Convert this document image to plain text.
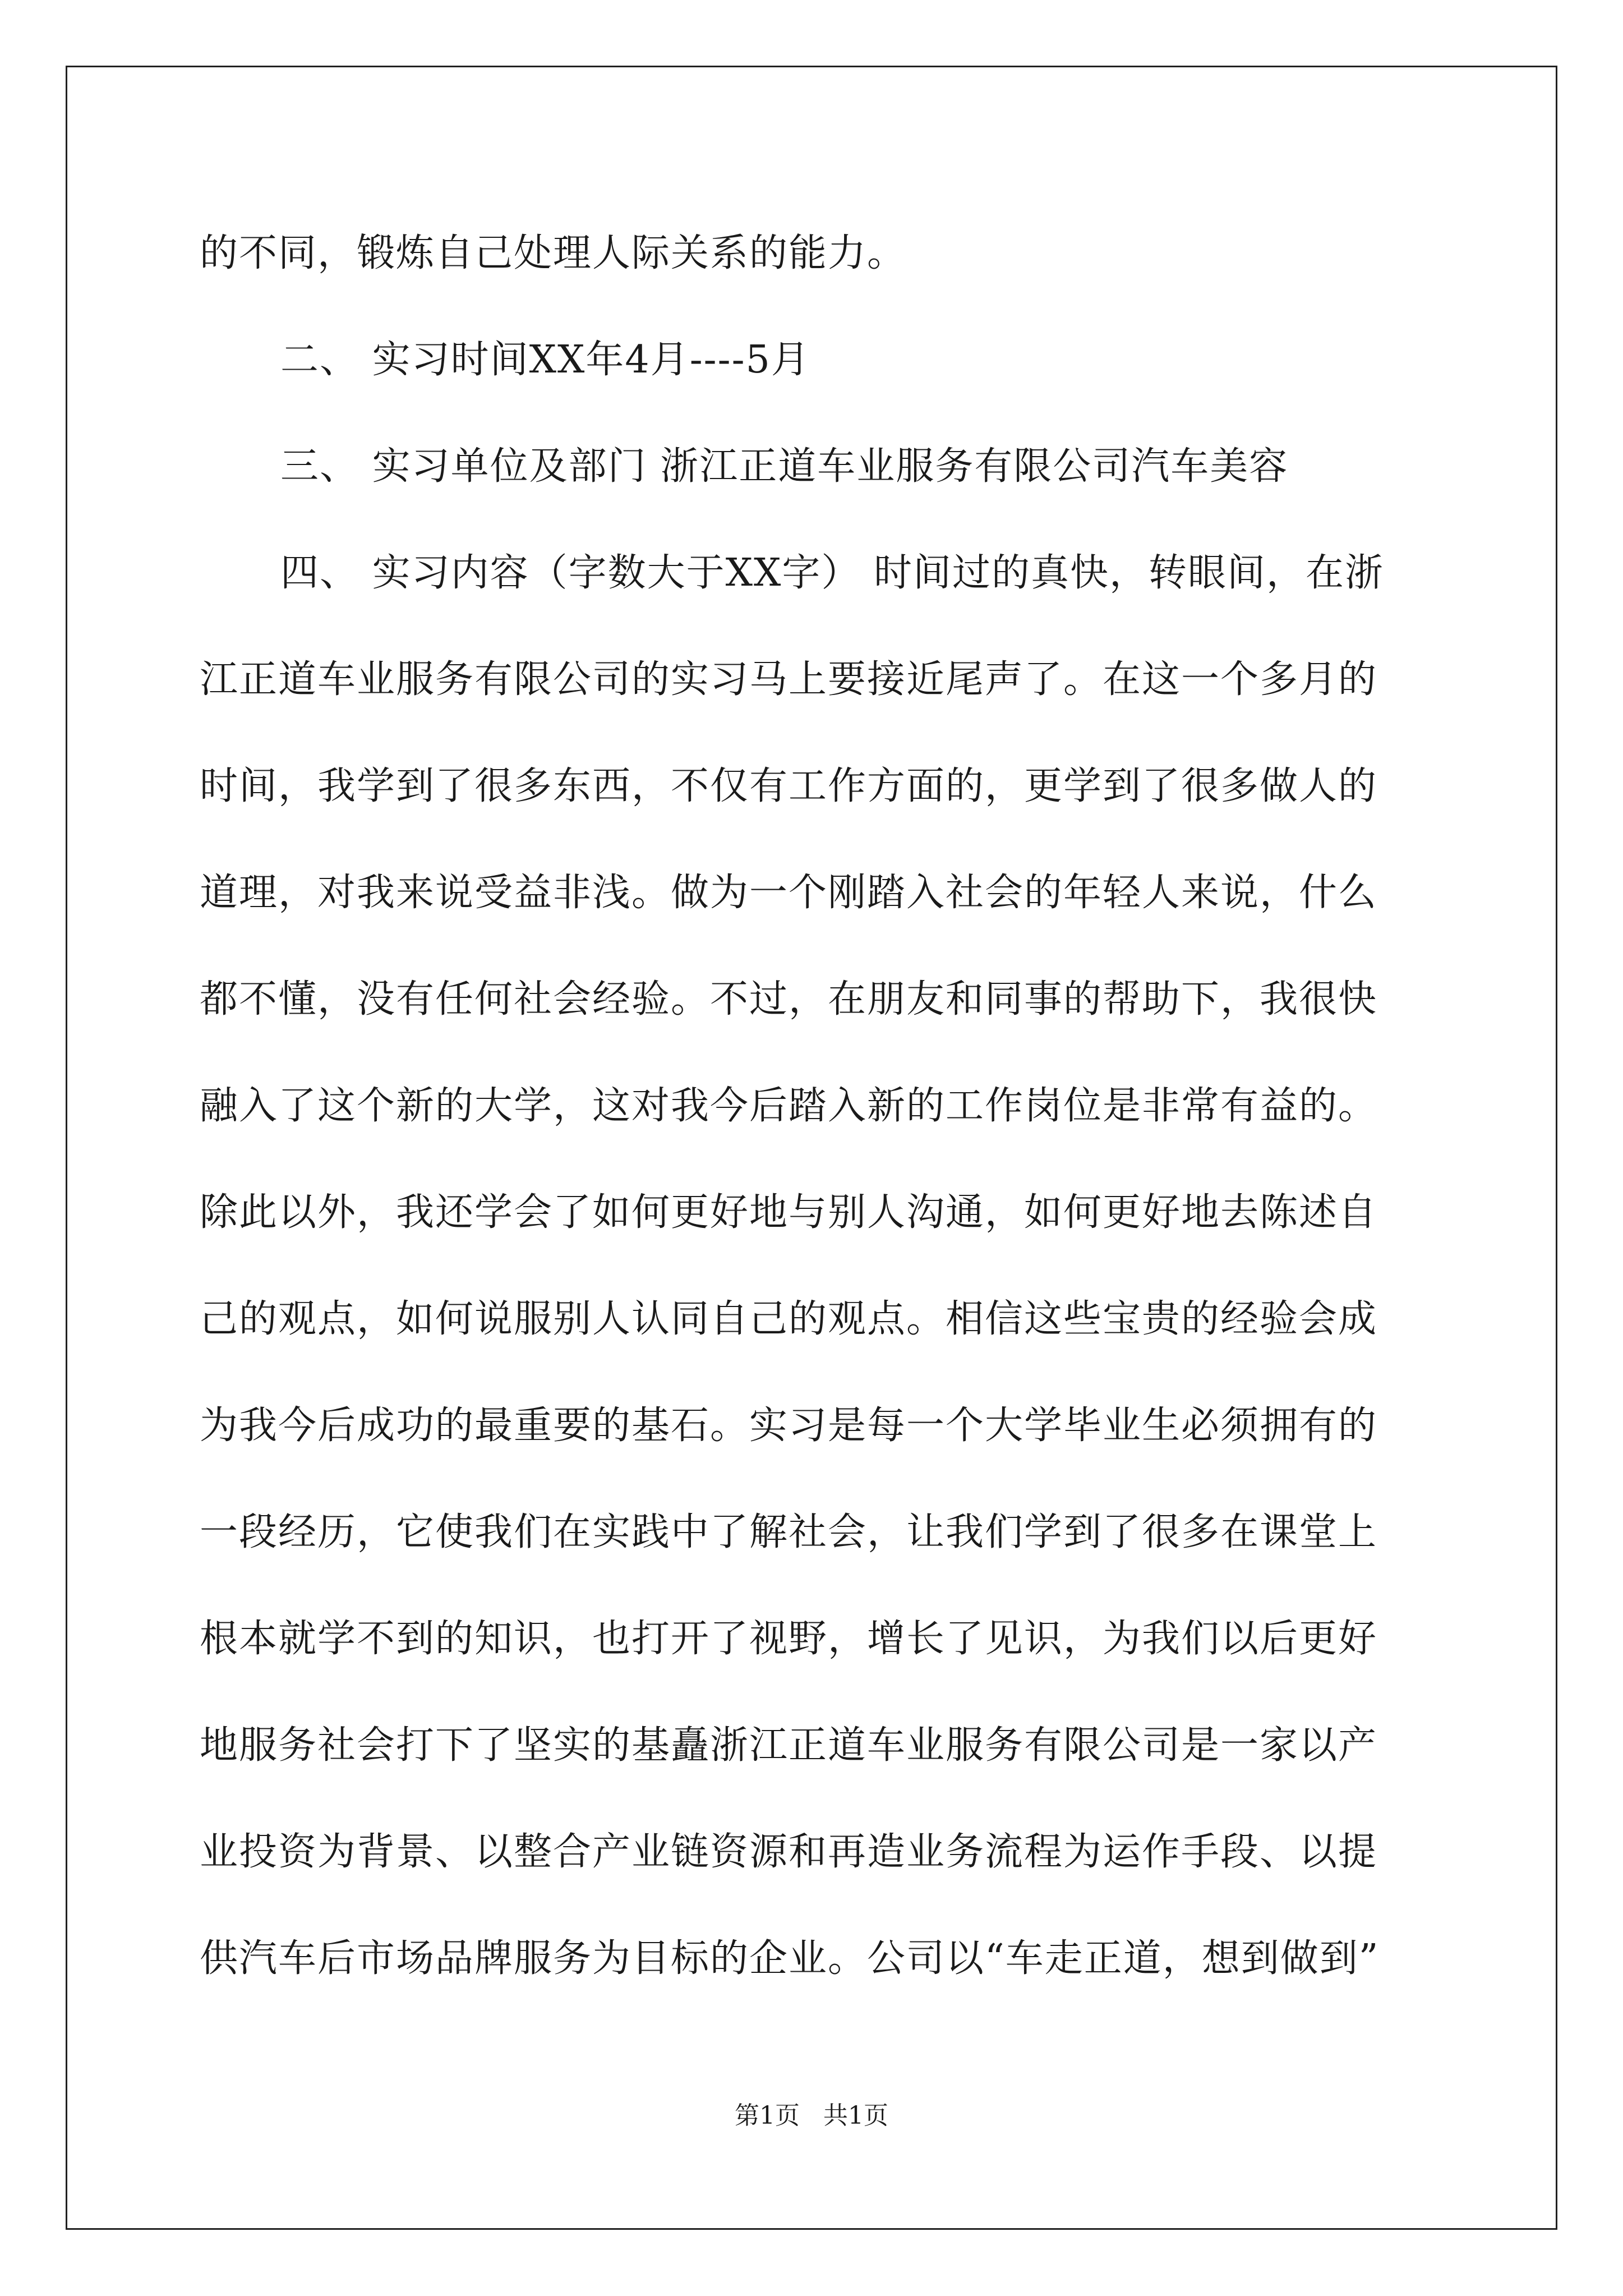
的不同，锻炼自己处理人际关系的能力。
二、 实习时间XX年4月----5月
三、 实习单位及部门 浙江正道车业服务有限公司汽车美容
四、 实习内容（字数大于XX字） 时间过的真快，转眼间，在浙
江正道车业服务有限公司的实习马上要接近尾声了。在这一个多月的
时间，我学到了很多东西，不仅有工作方面的，更学到了很多做人的
道理，对我来说受益非浅。做为一个刚踏入社会的年轻人来说，什么
都不懂，没有任何社会经验。不过，在朋友和同事的帮助下，我很快
融入了这个新的大学，这对我今后踏入新的工作岗位是非常有益的。
除此以外，我还学会了如何更好地与别人沟通，如何更好地去陈述自
己的观点，如何说服别人认同自己的观点。相信这些宝贵的经验会成
为我今后成功的最重要的基石。实习是每一个大学毕业生必须拥有的
一段经历，它使我们在实践中了解社会，让我们学到了很多在课堂上
根本就学不到的知识，也打开了视野，增长了见识，为我们以后更好
地服务社会打下了坚实的基矗浙江正道车业服务有限公司是一家以产
业投资为背景、以整合产业链资源和再造业务流程为运作手段、以提
供汽车后市场品牌服务为目标的企业。公司以“车走正道，想到做到”
第1页   共1页
